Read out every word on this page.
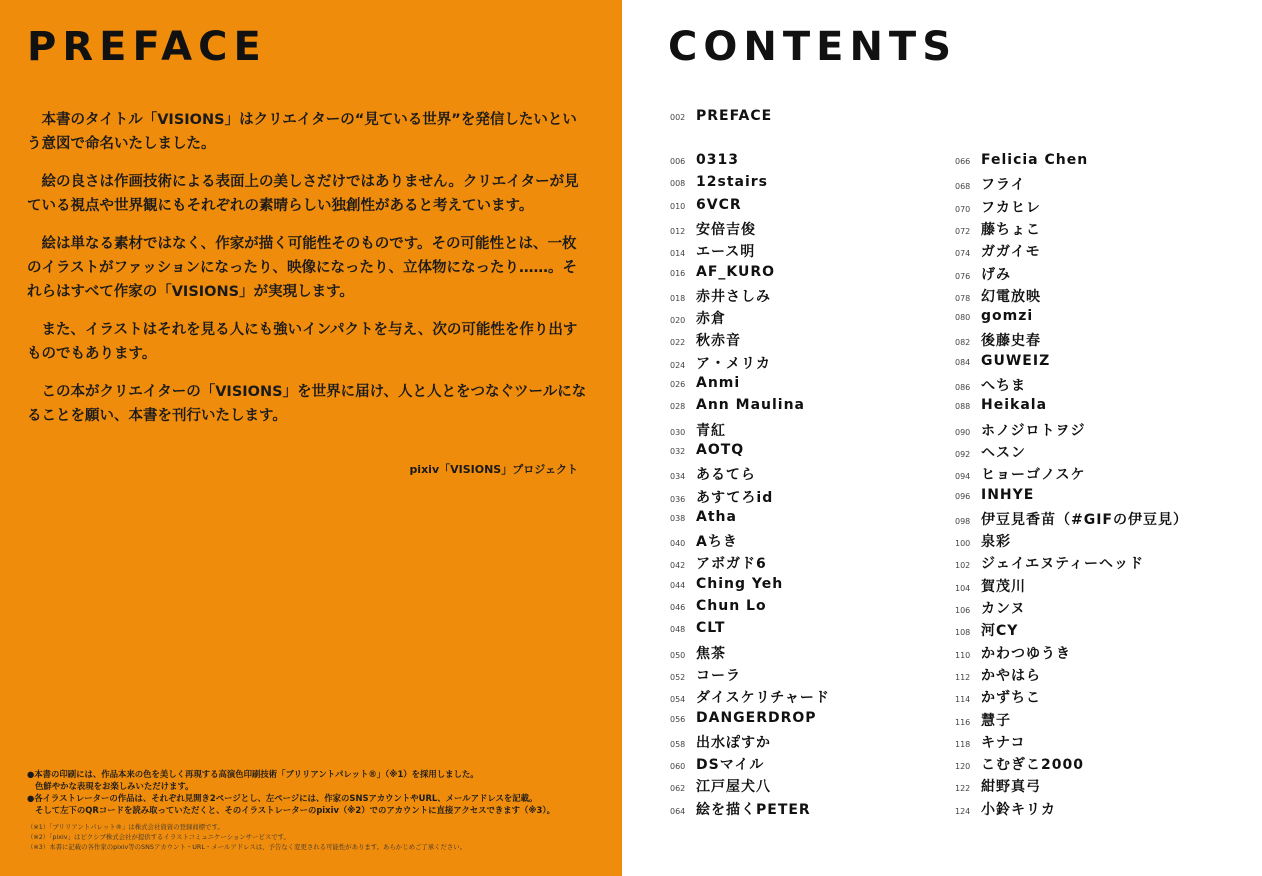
PREFACE

本書のタイトル「VISIONS」はクリエイターの“見ている世界”を発信したいという意図で命名いたしました。

絵の良さは作画技術による表面上の美しさだけではありません。クリエイターが見ている視点や世界観にもそれぞれの素晴らしい独創性があると考えています。

絵は単なる素材ではなく、作家が描く可能性そのものです。その可能性とは、一枚のイラストがファッションになったり、映像になったり、立体物になったり……。それらはすべて作家の「VISIONS」が実現します。

また、イラストはそれを見る人にも強いインパクトを与え、次の可能性を作り出すものでもあります。

この本がクリエイターの「VISIONS」を世界に届け、人と人とをつなぐツールになることを願い、本書を刊行いたします。

pixiv「VISIONS」プロジェクト

●本書の印刷には、作品本来の色を美しく再現する高演色印刷技術「ブリリアントパレット®」（※1）を採用しました。

色鮮やかな表現をお楽しみいただけます。

●各イラストレーターの作品は、それぞれ見開き2ページとし、左ページには、作家のSNSアカウントやURL、メールアドレスを記載。

そして左下のQRコードを読み取っていただくと、そのイラストレーターのpixiv（※2）でのアカウントに直接アクセスできます（※3）。

（※1）「ブリリアントパレット®」は株式会社資資の登録商標です。

（※2）「pixiv」はピクシブ株式会社が提供するイラストコミュニケーションサービスです。

（※3）本書に記載の各作家のpixiv等のSNSアカウント・URL・メールアドレスは、予告なく変更される可能性があります。あらかじめご了承ください。

CONTENTS
002 PREFACE
006 0313
008 12stairs
010 6VCR
012 安倍吉俊
014 エース明
016 AF_KURO
018 赤井さしみ
020 赤倉
022 秋赤音
024 ア・メリカ
026 Anmi
028 Ann Maulina
030 青紅
032 AOTQ
034 あるてら
036 あすてろid
038 Atha
040 Aちき
042 アボガド6
044 Ching Yeh
046 Chun Lo
048 CLT
050 焦茶
052 コーラ
054 ダイスケリチャード
056 DANGERDROP
058 出水ぽすか
060 DSマイル
062 江戸屋犬八
064 絵を描くPETER
066 Felicia Chen
068 フライ
070 フカヒレ
072 藤ちょこ
074 ガガイモ
076 げみ
078 幻電放映
080 gomzi
082 後藤史春
084 GUWEIZ
086 へちま
088 Heikala
090 ホノジロトヲジ
092 ヘスン
094 ヒョーゴノスケ
096 INHYE
098 伊豆見香苗（#GIFの伊豆見）
100 泉彩
102 ジェイエヌティーヘッド
104 賀茂川
106 カンヌ
108 河CY
110 かわつゆうき
112 かやはら
114 かずちこ
116 慧子
118 キナコ
120 こむぎこ2000
122 紺野真弓
124 小鈴キリカ
